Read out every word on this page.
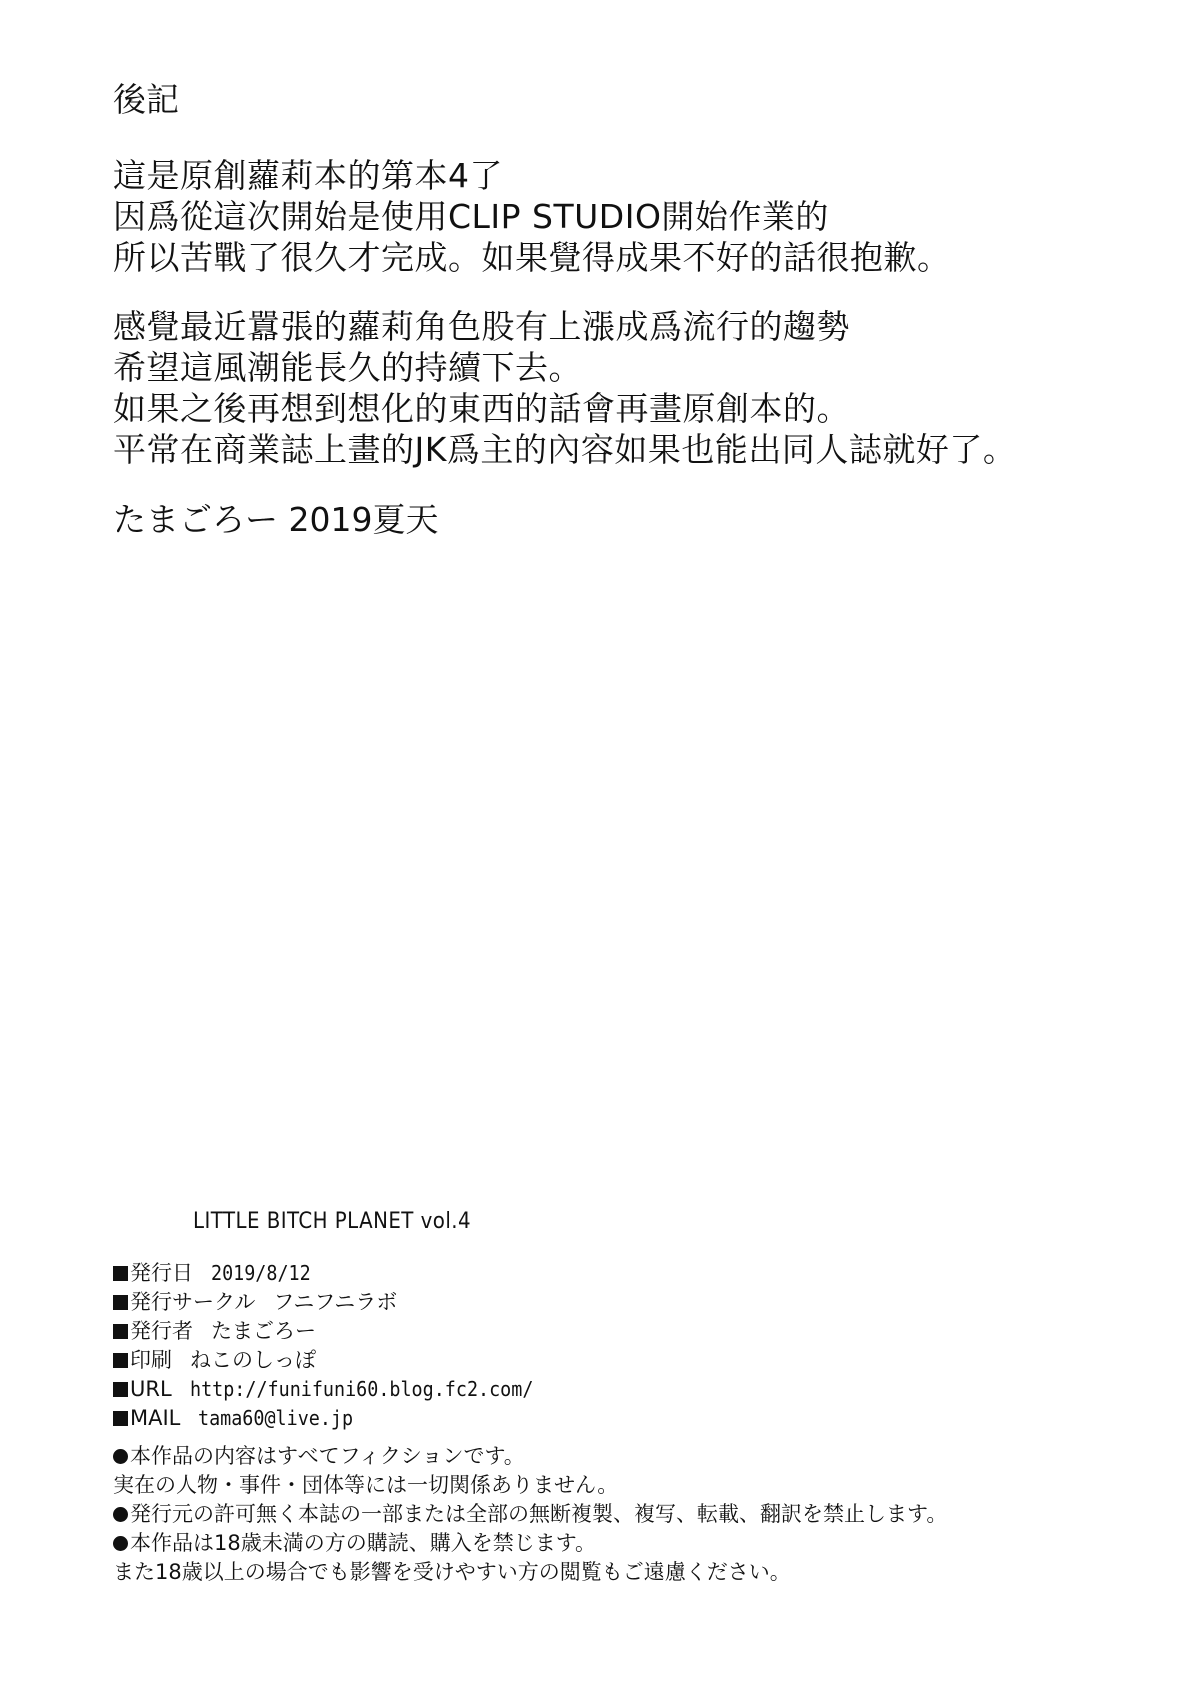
後記
這是原創蘿莉本的第本4了
因爲從這次開始是使用CLIP STUDIO開始作業的
所以苦戰了很久才完成。如果覺得成果不好的話很抱歉。
感覺最近囂張的蘿莉角色股有上漲成爲流行的趨勢
希望這風潮能長久的持續下去。
如果之後再想到想化的東西的話會再畫原創本的。
平常在商業誌上畫的JK爲主的內容如果也能出同人誌就好了。
たまごろー 2019夏天
LITTLE BITCH PLANET vol.4
発行日 2019/8/12
発行サークル フニフニラボ
発行者 たまごろー
印刷 ねこのしっぽ
URL http://funifuni60.blog.fc2.com/
MAIL tama60@live.jp
本作品の内容はすべてフィクションです。
実在の人物・事件・団体等には一切関係ありません。
発行元の許可無く本誌の一部または全部の無断複製、複写、転載、翻訳を禁止します。
本作品は18歳未満の方の購読、購入を禁じます。
また18歳以上の場合でも影響を受けやすい方の閲覧もご遠慮ください。
